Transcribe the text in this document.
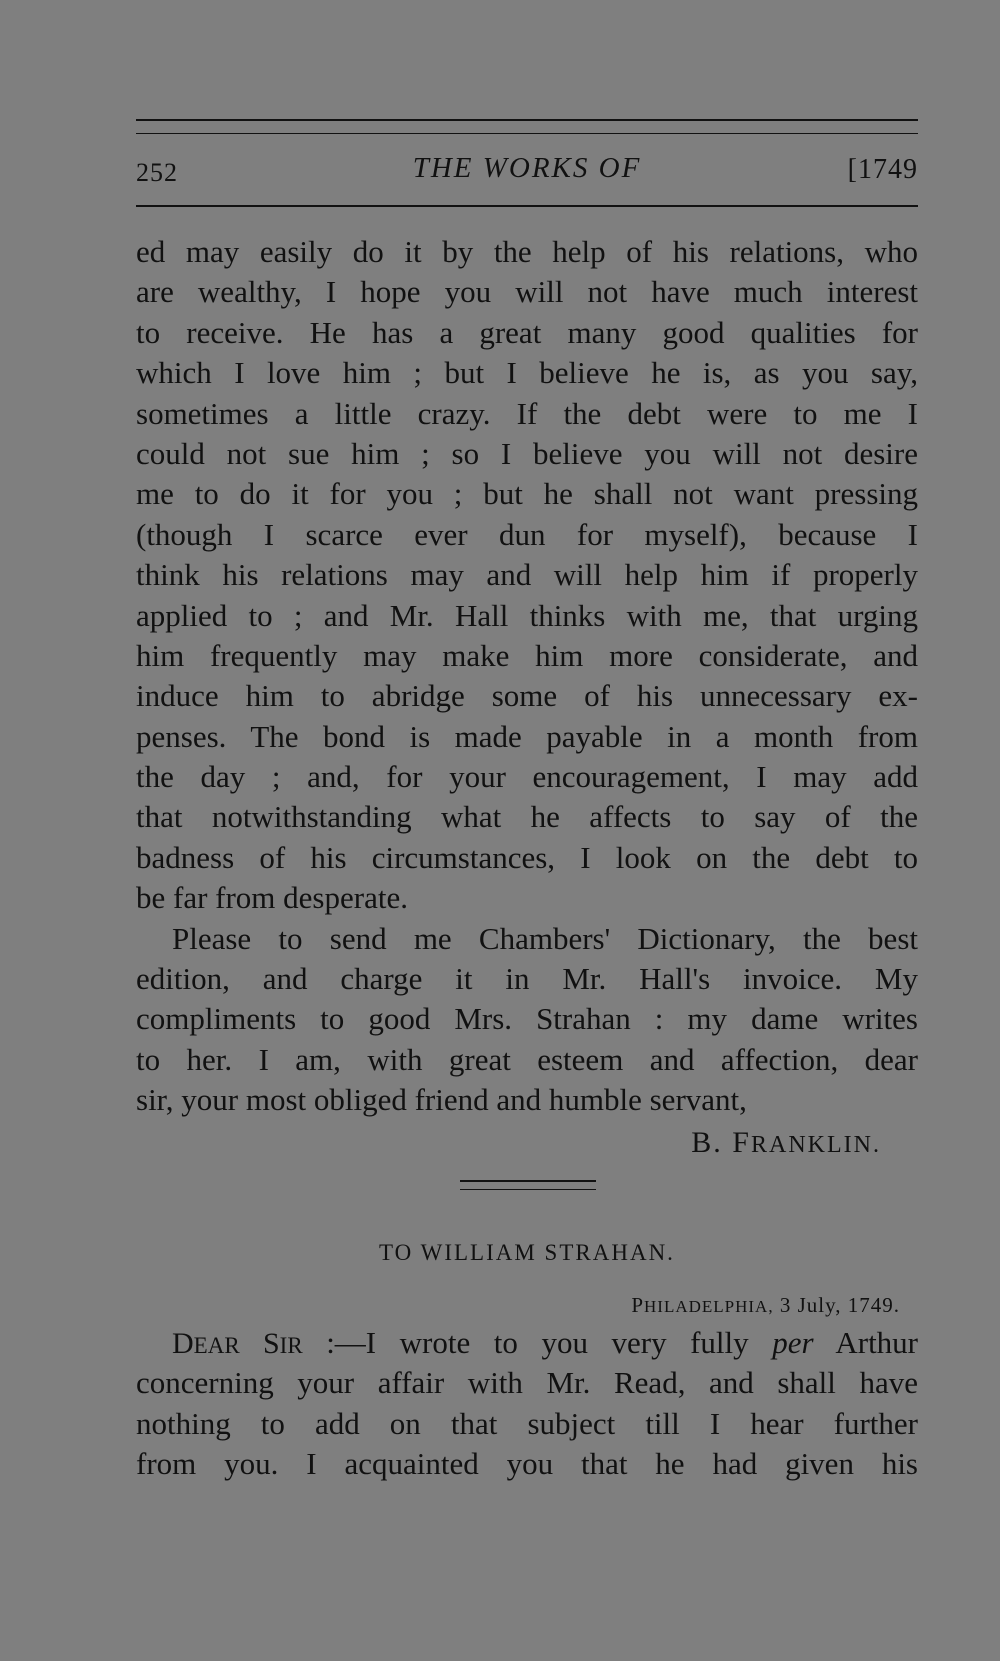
252	THE WORKS OF	[1749
ed may easily do it by the help of his relations, who
are wealthy, I hope you will not have much interest
to receive. He has a great many good qualities for
which I love him ; but I believe he is, as you say,
sometimes a little crazy. If the debt were to me I
could not sue him ; so I believe you will not desire
me to do it for you ; but he shall not want pressing
(though I scarce ever dun for myself), because I
think his relations may and will help him if properly
applied to ; and Mr. Hall thinks with me, that urging
him frequently may make him more considerate, and
induce him to abridge some of his unnecessary ex-
penses. The bond is made payable in a month from
the day ; and, for your encouragement, I may add
that notwithstanding what he affects to say of the
badness of his circumstances, I look on the debt to
be far from desperate.
Please to send me Chambers' Dictionary, the best
edition, and charge it in Mr. Hall's invoice. My
compliments to good Mrs. Strahan : my dame writes
to her. I am, with great esteem and affection, dear
sir, your most obliged friend and humble servant,
B. FRANKLIN.
TO WILLIAM STRAHAN.
PHILADELPHIA, 3 July, 1749.
DEAR SIR :—I wrote to you very fully per Arthur
concerning your affair with Mr. Read, and shall have
nothing to add on that subject till I hear further
from you. I acquainted you that he had given his
